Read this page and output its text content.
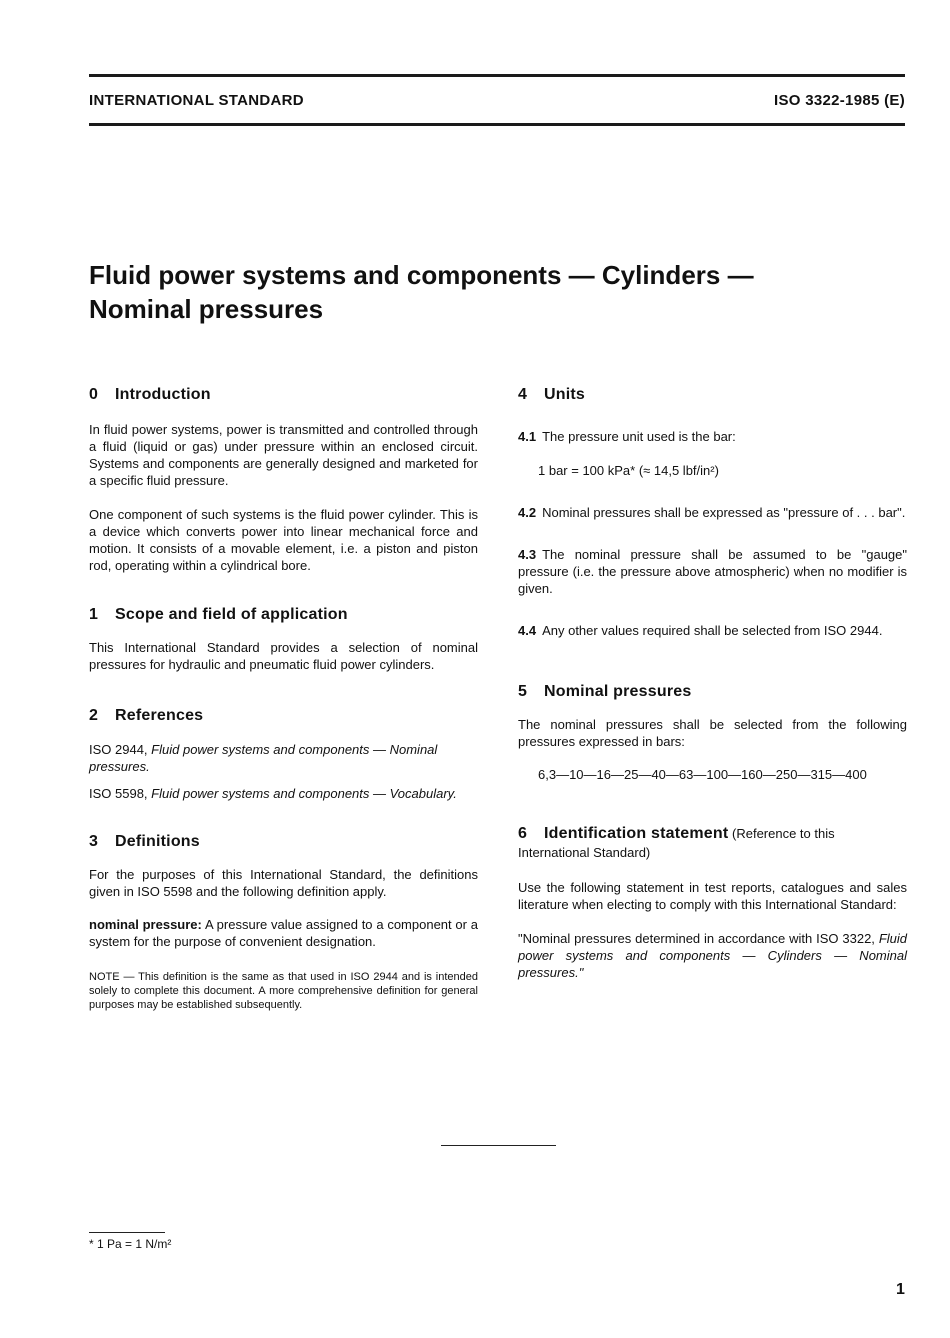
INTERNATIONAL STANDARD	ISO 3322-1985 (E)
Fluid power systems and components — Cylinders —
Nominal pressures
0 Introduction

In fluid power systems, power is transmitted and controlled through a fluid (liquid or gas) under pressure within an enclosed circuit. Systems and components are generally designed and marketed for a specific fluid pressure.

One component of such systems is the fluid power cylinder. This is a device which converts power into linear mechanical force and motion. It consists of a movable element, i.e. a piston and piston rod, operating within a cylindrical bore.

1 Scope and field of application

This International Standard provides a selection of nominal pressures for hydraulic and pneumatic fluid power cylinders.

2 References

ISO 2944, Fluid power systems and components — Nominal pressures.

ISO 5598, Fluid power systems and components — Vocabulary.

3 Definitions

For the purposes of this International Standard, the definitions given in ISO 5598 and the following definition apply.

nominal pressure: A pressure value assigned to a component or a system for the purpose of convenient designation.

NOTE — This definition is the same as that used in ISO 2944 and is intended solely to complete this document. A more comprehensive definition for general purposes may be established subsequently.

4 Units

4.1 The pressure unit used is the bar:

1 bar = 100 kPa* (≈ 14,5 lbf/in²)

4.2 Nominal pressures shall be expressed as "pressure of . . . bar".

4.3 The nominal pressure shall be assumed to be "gauge" pressure (i.e. the pressure above atmospheric) when no modifier is given.

4.4 Any other values required shall be selected from ISO 2944.

5 Nominal pressures

The nominal pressures shall be selected from the following pressures expressed in bars:

6,3—10—16—25—40—63—100—160—250—315—400

6 Identification statement (Reference to this International Standard)

Use the following statement in test reports, catalogues and sales literature when electing to comply with this International Standard:

"Nominal pressures determined in accordance with ISO 3322, Fluid power systems and components — Cylinders — Nominal pressures."

* 1 Pa = 1 N/m²
1
